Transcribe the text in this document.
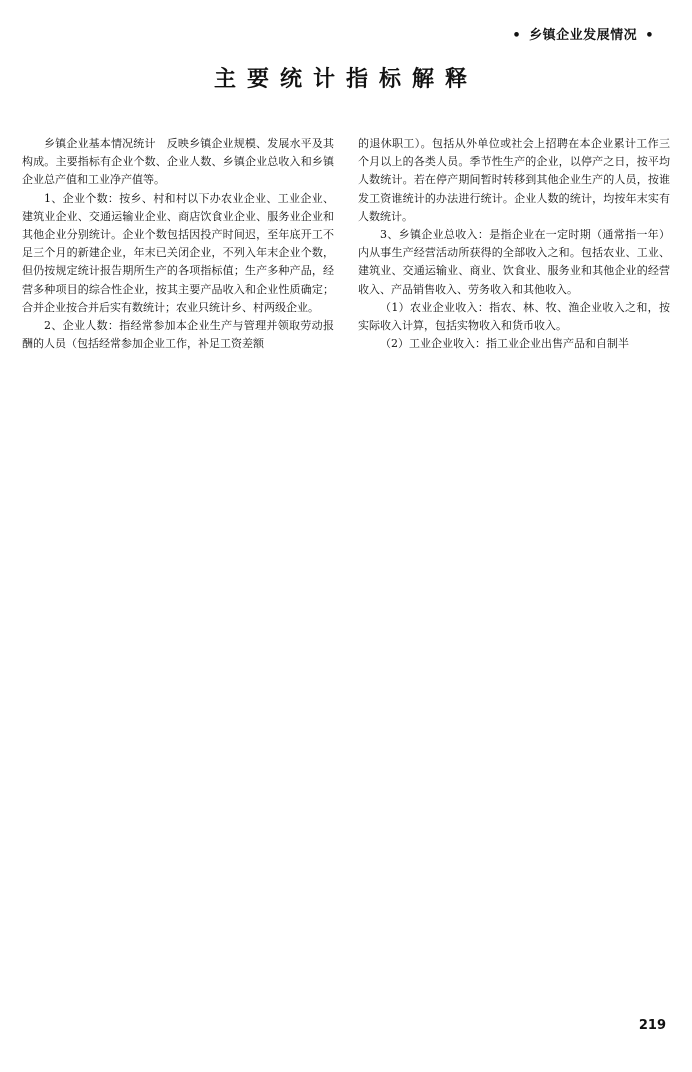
• 乡镇企业发展情况 •
主要统计指标解释

乡镇企业基本情况统计　反映乡镇企业规模、发展水平及其构成。主要指标有企业个数、企业人数、乡镇企业总收入和乡镇企业总产值和工业净产值等。

1、企业个数：按乡、村和村以下办农业企业、工业企业、建筑业企业、交通运输业企业、商店饮食业企业、服务业企业和其他企业分别统计。企业个数包括因投产时间迟，至年底开工不足三个月的新建企业，年末已关闭企业，不列入年末企业个数，但仍按规定统计报告期所生产的各项指标值；生产多种产品，经营多种项目的综合性企业，按其主要产品收入和企业性质确定；合并企业按合并后实有数统计；农业只统计乡、村两级企业。

2、企业人数：指经常参加本企业生产与管理并领取劳动报酬的人员（包括经常参加企业工作，补足工资差额

的退休职工）。包括从外单位或社会上招聘在本企业累计工作三个月以上的各类人员。季节性生产的企业，以停产之日，按平均人数统计。若在停产期间暂时转移到其他企业生产的人员，按谁发工资谁统计的办法进行统计。企业人数的统计，均按年末实有人数统计。

3、乡镇企业总收入：是指企业在一定时期（通常指一年）内从事生产经营活动所获得的全部收入之和。包括农业、工业、建筑业、交通运输业、商业、饮食业、服务业和其他企业的经营收入、产品销售收入、劳务收入和其他收入。

（1）农业企业收入：指农、林、牧、渔企业收入之和，按实际收入计算，包括实物收入和货币收入。

（2）工业企业收入：指工业企业出售产品和自制半

219
